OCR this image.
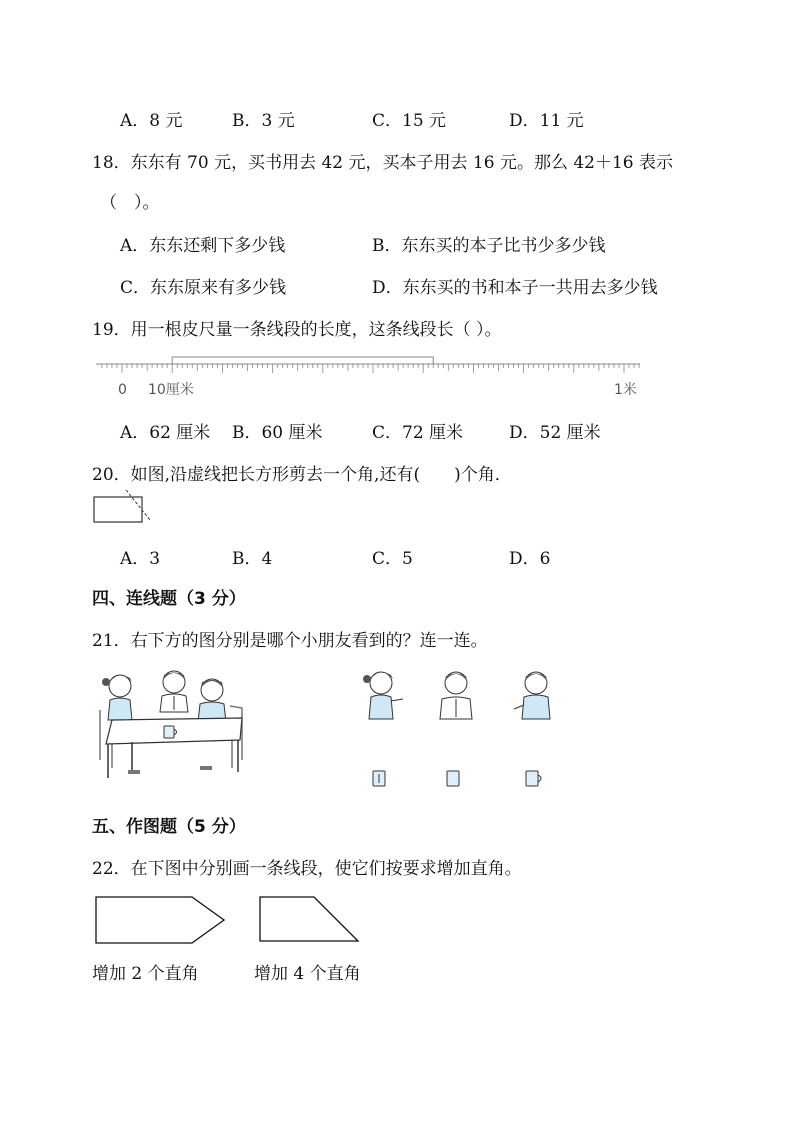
A．8 元	B．3 元	C．15 元	D．11 元
18．东东有 70 元，买书用去 42 元，买本子用去 16 元。那么 42＋16 表示
（　）。
A．东东还剩下多少钱	B．东东买的本子比书少多少钱
C．东东原来有多少钱	D．东东买的书和本子一共用去多少钱
19．用一根皮尺量一条线段的长度，这条线段长（ ）。
0 10厘米	1米
A．62 厘米 B．60 厘米	C．72 厘米	D．52 厘米
20．如图,沿虚线把长方形剪去一个角,还有(　　)个角．
A．3	B．4	C．5	D．6
四、连线题（3 分）
21．右下方的图分别是哪个小朋友看到的？连一连。
五、作图题（5 分）
22．在下图中分别画一条线段，使它们按要求增加直角。
增加 2 个直角	增加 4 个直角
